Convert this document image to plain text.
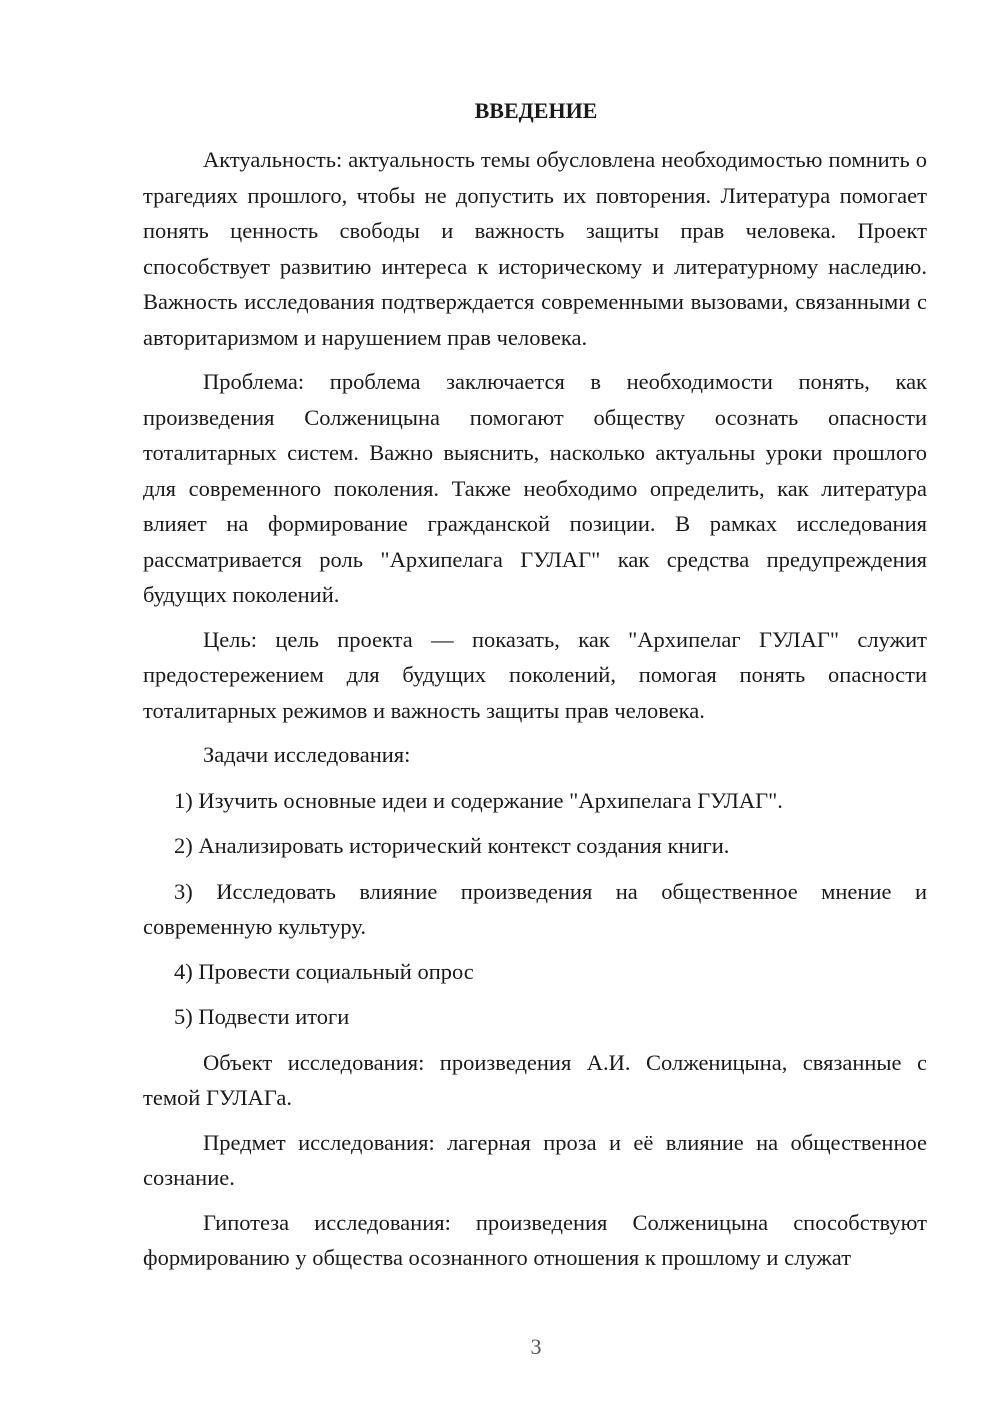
ВВЕДЕНИЕ

Актуальность: актуальность темы обусловлена необходимостью помнить о трагедиях прошлого, чтобы не допустить их повторения. Литература помогает понять ценность свободы и важность защиты прав человека. Проект способствует развитию интереса к историческому и литературному наследию. Важность исследования подтверждается современными вызовами, связанными с авторитаризмом и нарушением прав человека.

Проблема: проблема заключается в необходимости понять, как произведения Солженицына помогают обществу осознать опасности тоталитарных систем. Важно выяснить, насколько актуальны уроки прошлого для современного поколения. Также необходимо определить, как литература влияет на формирование гражданской позиции. В рамках исследования рассматривается роль "Архипелага ГУЛАГ" как средства предупреждения будущих поколений.

Цель: цель проекта — показать, как "Архипелаг ГУЛАГ" служит предостережением для будущих поколений, помогая понять опасности тоталитарных режимов и важность защиты прав человека.

Задачи исследования:

1) Изучить основные идеи и содержание "Архипелага ГУЛАГ".

2) Анализировать исторический контекст создания книги.

3) Исследовать влияние произведения на общественное мнение и современную культуру.

4) Провести социальный опрос

5) Подвести итоги

Объект исследования: произведения А.И. Солженицына, связанные с темой ГУЛАГа.

Предмет исследования: лагерная проза и её влияние на общественное сознание.

Гипотеза исследования: произведения Солженицына способствуют формированию у общества осознанного отношения к прошлому и служат

3
